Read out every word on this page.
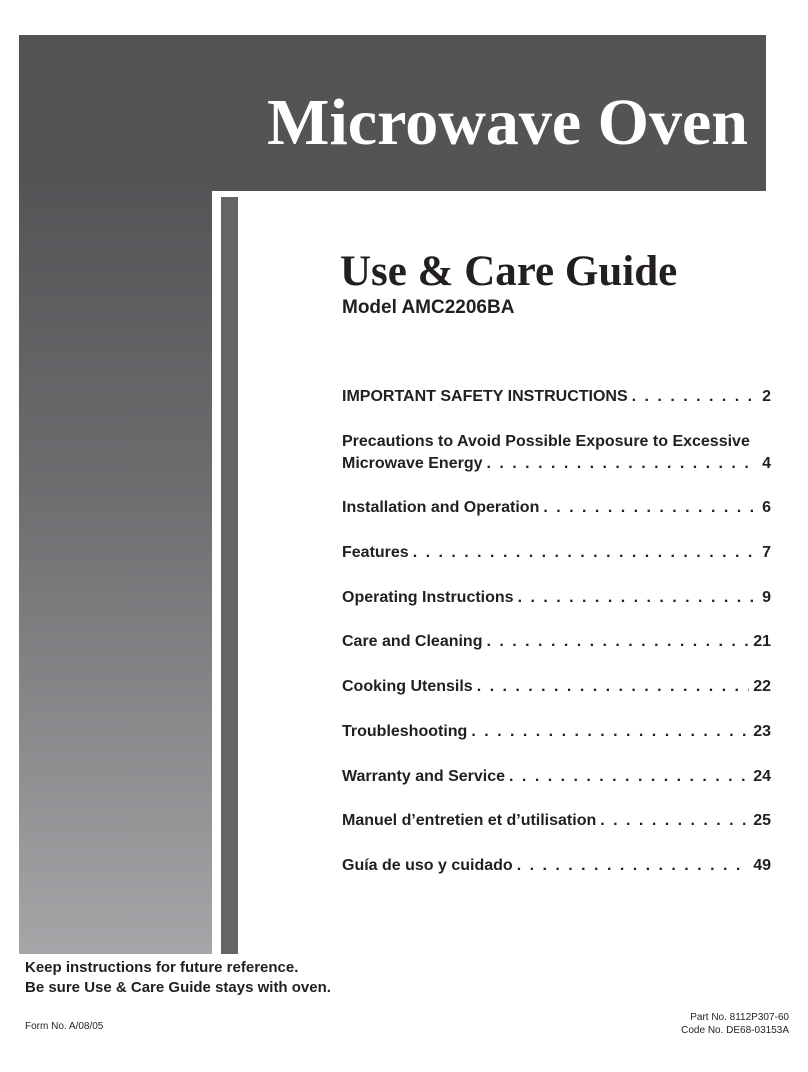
Microwave Oven
Use & Care Guide
Model AMC2206BA
IMPORTANT SAFETY INSTRUCTIONS . . .	2
Precautions to Avoid Possible Exposure to Excessive
Microwave Energy . . .	4
Installation and Operation . . .	6
Features . . .	7
Operating Instructions . . .	9
Care and Cleaning . . .	21
Cooking Utensils . . .	22
Troubleshooting . . .	23
Warranty and Service . . .	24
Manuel d’entretien et d’utilisation . . .	25
Guía de uso y cuidado . . .	49
Keep instructions for future reference.
Be sure Use & Care Guide stays with oven.
Form No. A/08/05
Part No. 8112P307-60
Code No. DE68-03153A
